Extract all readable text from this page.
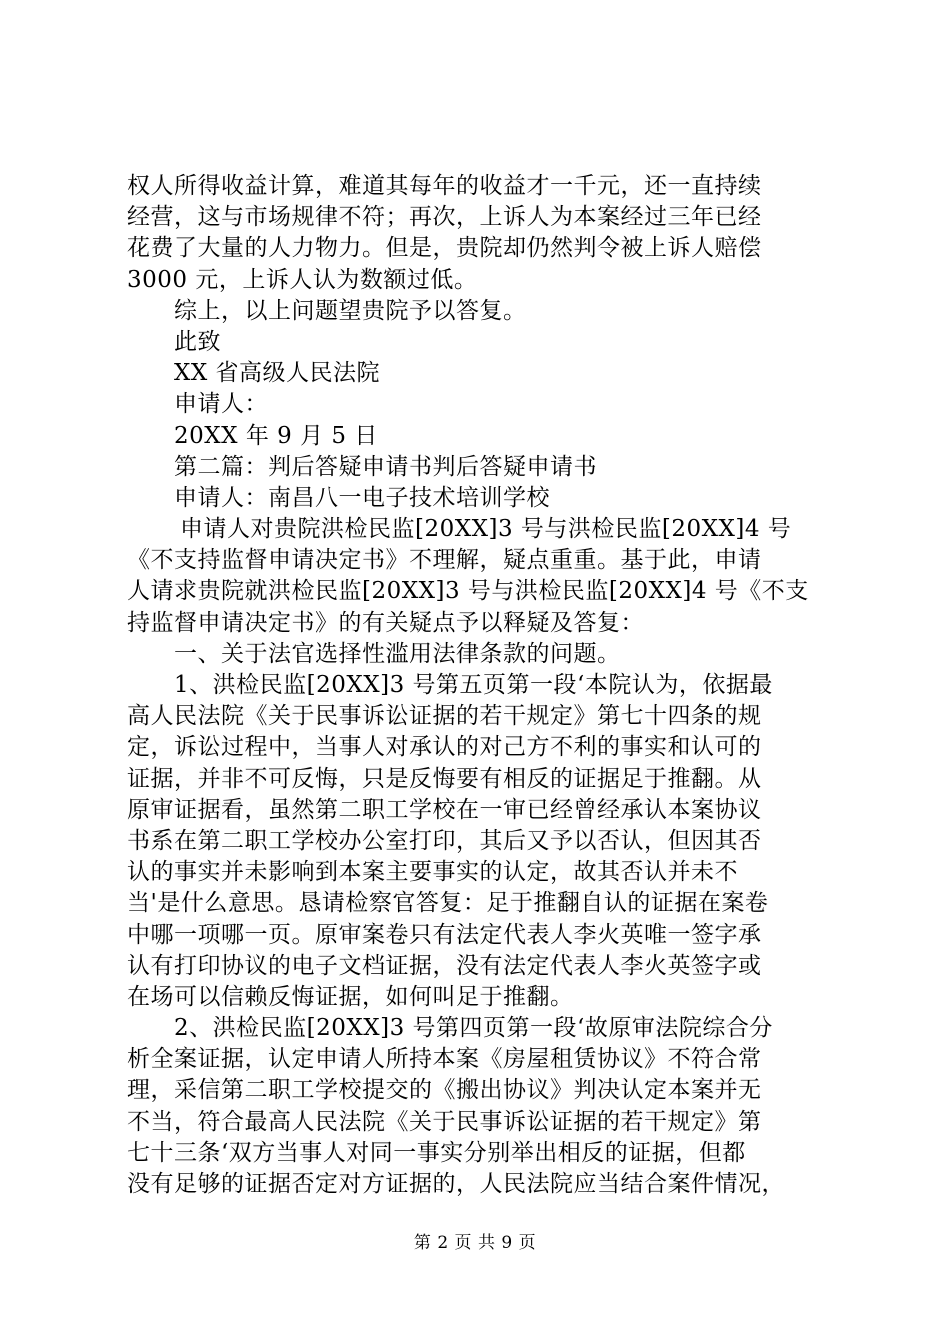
权人所得收益计算，难道其每年的收益才一千元，还一直持续
经营，这与市场规律不符；再次，上诉人为本案经过三年已经
花费了大量的人力物力。但是，贵院却仍然判令被上诉人赔偿
3000 元，上诉人认为数额过低。
综上，以上问题望贵院予以答复。
此致
XX 省高级人民法院
申请人：
20XX 年 9 月 5 日
第二篇：判后答疑申请书判后答疑申请书
申请人：南昌八一电子技术培训学校
申请人对贵院洪检民监[20XX]3 号与洪检民监[20XX]4 号
《不支持监督申请决定书》不理解，疑点重重。基于此，申请
人请求贵院就洪检民监[20XX]3 号与洪检民监[20XX]4 号《不支
持监督申请决定书》的有关疑点予以释疑及答复：
一、关于法官选择性滥用法律条款的问题。
1、洪检民监[20XX]3 号第五页第一段‘本院认为，依据最
高人民法院《关于民事诉讼证据的若干规定》第七十四条的规
定，诉讼过程中，当事人对承认的对己方不利的事实和认可的
证据，并非不可反悔，只是反悔要有相反的证据足于推翻。从
原审证据看，虽然第二职工学校在一审已经曾经承认本案协议
书系在第二职工学校办公室打印，其后又予以否认，但因其否
认的事实并未影响到本案主要事实的认定，故其否认并未不
当'是什么意思。恳请检察官答复：足于推翻自认的证据在案卷
中哪一项哪一页。原审案卷只有法定代表人李火英唯一签字承
认有打印协议的电子文档证据，没有法定代表人李火英签字或
在场可以信赖反悔证据，如何叫足于推翻。
2、洪检民监[20XX]3 号第四页第一段‘故原审法院综合分
析全案证据，认定申请人所持本案《房屋租赁协议》不符合常
理，采信第二职工学校提交的《搬出协议》判决认定本案并无
不当，符合最高人民法院《关于民事诉讼证据的若干规定》第
七十三条‘双方当事人对同一事实分别举出相反的证据，但都
没有足够的证据否定对方证据的，人民法院应当结合案件情况，
第 2 页 共 9 页
